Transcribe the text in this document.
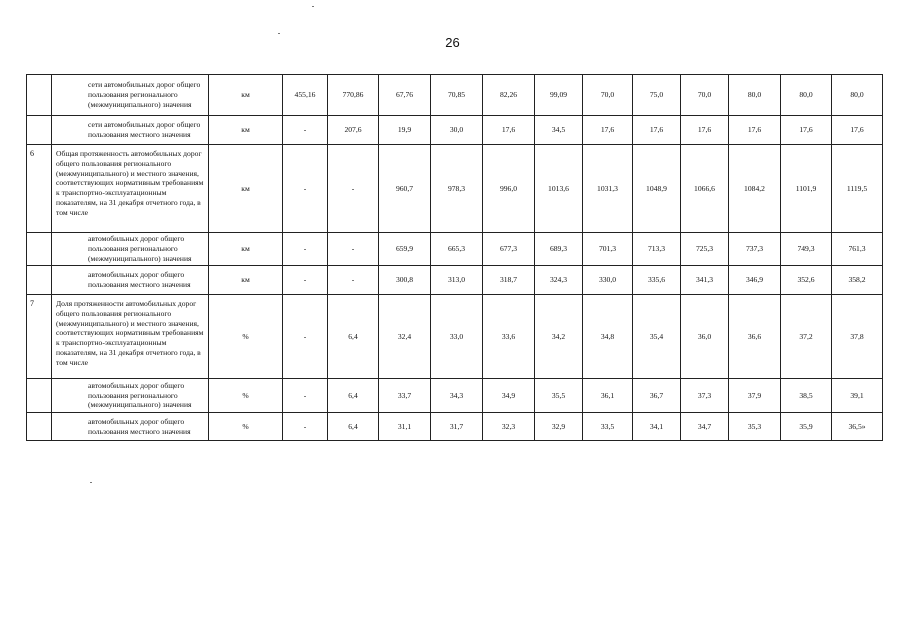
26
	сети автомобильных дорог общего пользования регионального (межмуниципального) значения	км	455,16	770,86	67,76	70,85	82,26	99,09	70,0	75,0	70,0	80,0	80,0	80,0
	сети автомобильных дорог общего пользования местного значения	км	-	207,6	19,9	30,0	17,6	34,5	17,6	17,6	17,6	17,6	17,6	17,6
6	Общая протяженность автомобильных дорог общего пользования регионального (межмуниципального) и местного значения, соответствующих нормативным требованиям к транспортно-эксплуатационным показателям, на 31 декабря отчетного года, в том числе	км	-	-	960,7	978,3	996,0	1013,6	1031,3	1048,9	1066,6	1084,2	1101,9	1119,5
	автомобильных дорог общего пользования регионального (межмуниципального) значения	км	-	-	659,9	665,3	677,3	689,3	701,3	713,3	725,3	737,3	749,3	761,3
	автомобильных дорог общего пользования местного значения	км	-	-	300,8	313,0	318,7	324,3	330,0	335,6	341,3	346,9	352,6	358,2
7	Доля протяженности автомобильных дорог общего пользования регионального (межмуниципального) и местного значения, соответствующих нормативным требованиям к транспортно-эксплуатационным показателям, на 31 декабря отчетного года, в том числе	%	-	6,4	32,4	33,0	33,6	34,2	34,8	35,4	36,0	36,6	37,2	37,8
	автомобильных дорог общего пользования регионального (межмуниципального) значения	%	-	6,4	33,7	34,3	34,9	35,5	36,1	36,7	37,3	37,9	38,5	39,1
	автомобильных дорог общего пользования местного значения	%	-	6,4	31,1	31,7	32,3	32,9	33,5	34,1	34,7	35,3	35,9	36,5»
